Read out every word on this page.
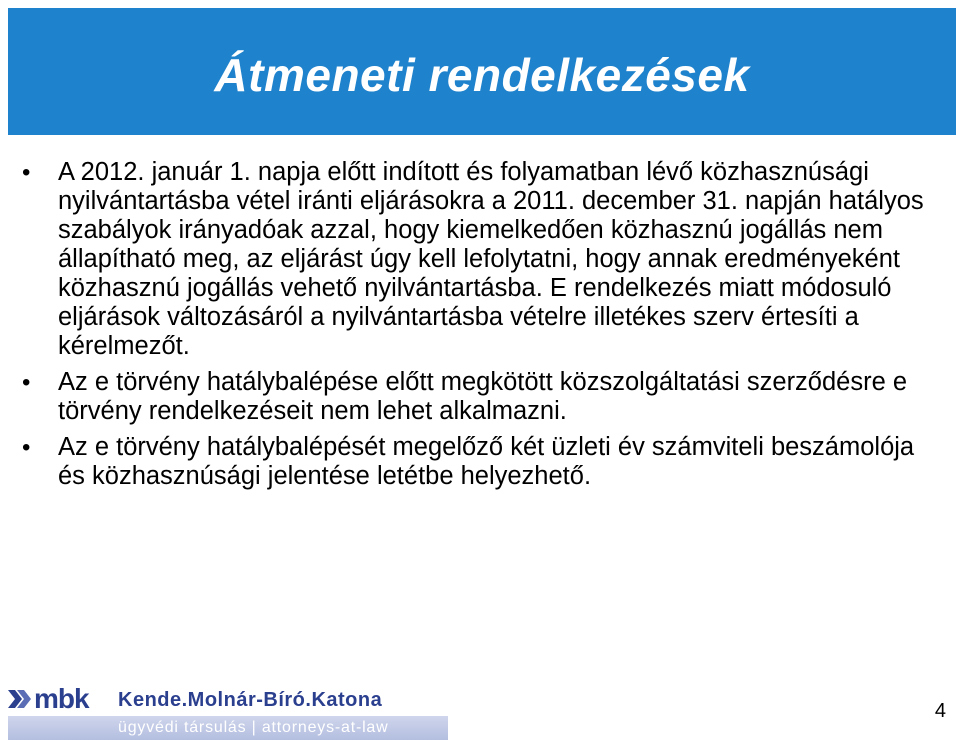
Átmeneti rendelkezések
• A 2012. január 1. napja előtt indított és folyamatban lévő közhasznúsági nyilvántartásba vétel iránti eljárásokra a 2011. december 31. napján hatályos szabályok irányadóak azzal, hogy kiemelkedően közhasznú jogállás nem állapítható meg, az eljárást úgy kell lefolytatni, hogy annak eredményeként közhasznú jogállás vehető nyilvántartásba. E rendelkezés miatt módosuló eljárások változásáról a nyilvántartásba vételre illetékes szerv értesíti a kérelmezőt.
• Az e törvény hatálybalépése előtt megkötött közszolgáltatási szerződésre e törvény rendelkezéseit nem lehet alkalmazni.
• Az e törvény hatálybalépését megelőző két üzleti év számviteli beszámolója és közhasznúsági jelentése letétbe helyezhető.
mbk Kende.Molnár-Bíró.Katona
ügyvédi társulás | attorneys-at-law
4
